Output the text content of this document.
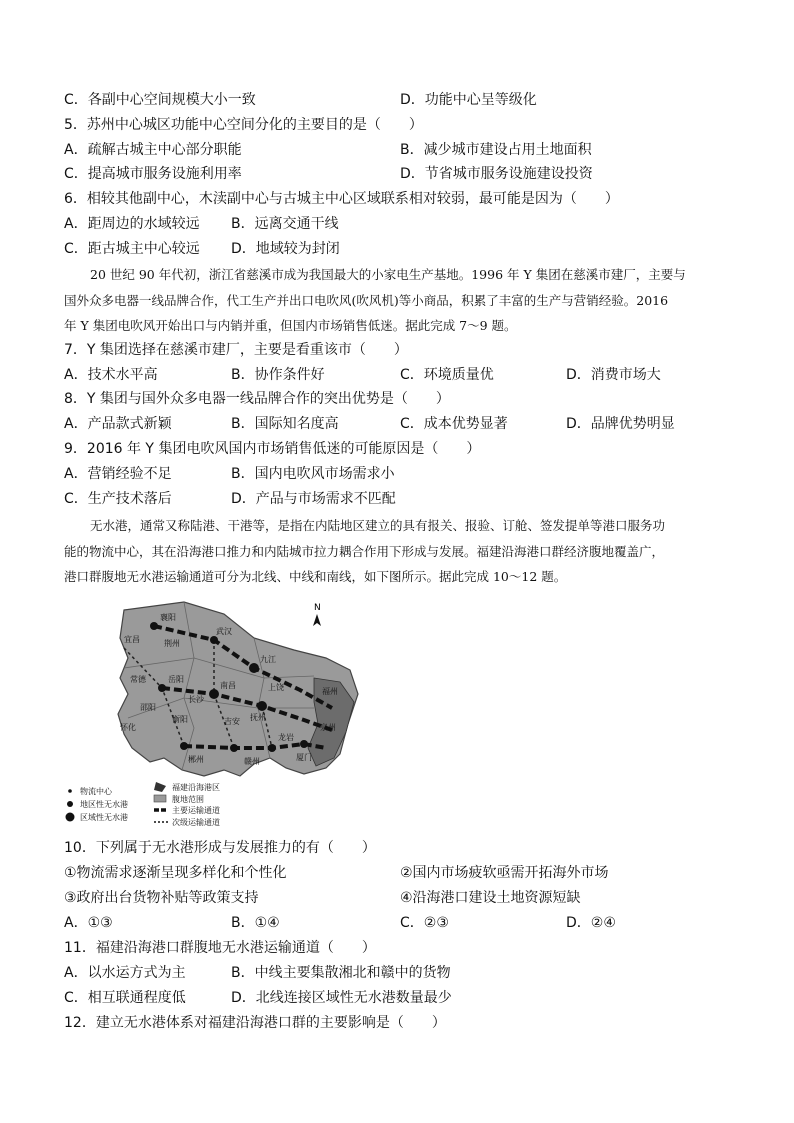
C．各副中心空间规模大小一致	D．功能中心呈等级化
5．苏州中心城区功能中心空间分化的主要目的是（　　）
A．疏解古城主中心部分职能	B．减少城市建设占用土地面积
C．提高城市服务设施利用率	D．节省城市服务设施建设投资
6．相较其他副中心，木渎副中心与古城主中心区域联系相对较弱，最可能是因为（　　）
A．距周边的水域较远 B．远离交通干线
C．距古城主中心较远 D．地域较为封闭
20 世纪 90 年代初，浙江省慈溪市成为我国最大的小家电生产基地。1996 年 Y 集团在慈溪市建厂，主要与
国外众多电器一线品牌合作，代工生产并出口电吹风(吹风机)等小商品，积累了丰富的生产与营销经验。2016
年 Y 集团电吹风开始出口与内销并重，但国内市场销售低迷。据此完成 7～9 题。
7．Y 集团选择在慈溪市建厂，主要是看重该市（　　）
A．技术水平高	B．协作条件好	C．环境质量优	D．消费市场大
8．Y 集团与国外众多电器一线品牌合作的突出优势是（　　）
A．产品款式新颖	B．国际知名度高	C．成本优势显著	D．品牌优势明显
9．2016 年 Y 集团电吹风国内市场销售低迷的可能原因是（　　）
A．营销经验不足	B．国内电吹风市场需求小
C．生产技术落后	D．产品与市场需求不匹配
无水港，通常又称陆港、干港等，是指在内陆地区建立的具有报关、报验、订舱、签发提单等港口服务功
能的物流中心，其在沿海港口推力和内陆城市拉力耦合作用下形成与发展。福建沿海港口群经济腹地覆盖广，
港口群腹地无水港运输通道可分为北线、中线和南线，如下图所示。据此完成 10～12 题。
襄阳
宜昌
武汉
荆州
九江
常德	岳阳
南昌	上饶
长沙
抚州
怀化
衡阳	吉安
邵阳
郴州	赣州
龙岩
福州
泉州
厦门
N
物流中心
地区性无水港
区域性无水港
福建沿海港区
腹地范围
主要运输通道
次级运输通道
10．下列属于无水港形成与发展推力的有（　　）
①物流需求逐渐呈现多样化和个性化	②国内市场疲软亟需开拓海外市场
③政府出台货物补贴等政策支持	④沿海港口建设土地资源短缺
A．①③	B．①④	C．②③	D．②④
11．福建沿海港口群腹地无水港运输通道（　　）
A．以水运方式为主	B．中线主要集散湘北和赣中的货物
C．相互联通程度低	D．北线连接区域性无水港数量最少
12．建立无水港体系对福建沿海港口群的主要影响是（　　）
